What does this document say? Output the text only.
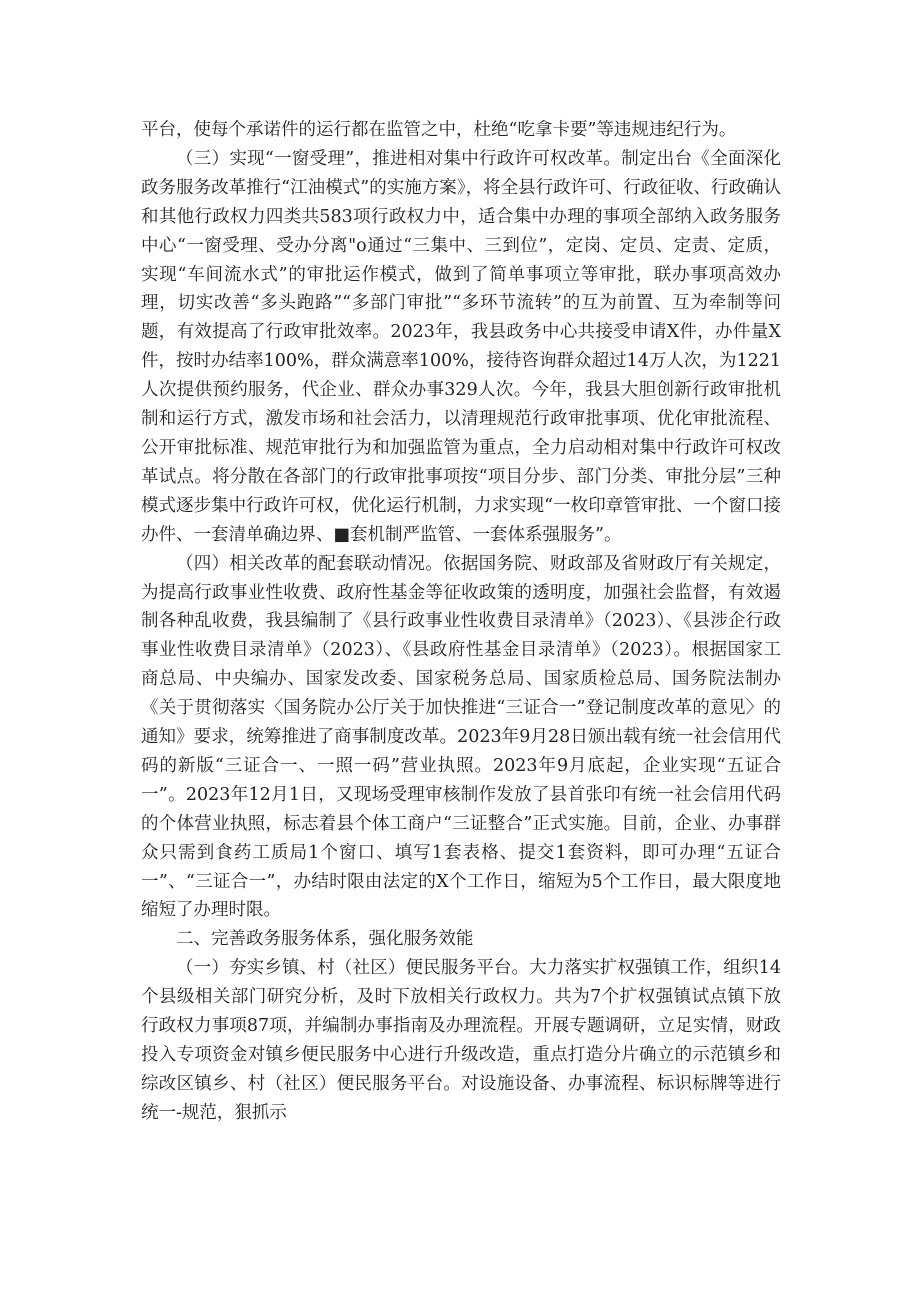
平台，使每个承诺件的运行都在监管之中，杜绝“吃拿卡要”等违规违纪行为。

（三）实现“一窗受理”，推进相对集中行政许可权改革。制定出台《全面深化政务服务改革推行“江油模式”的实施方案》，将全县行政许可、行政征收、行政确认和其他行政权力四类共583项行政权力中，适合集中办理的事项全部纳入政务服务中心“一窗受理、受办分离"o通过“三集中、三到位”，定岗、定员、定责、定质，实现“车间流水式”的审批运作模式，做到了简单事项立等审批，联办事项高效办理，切实改善“多头跑路”“多部门审批”“多环节流转”的互为前置、互为牵制等问题，有效提高了行政审批效率。2023年，我县政务中心共接受申请X件，办件量X件，按时办结率100%，群众满意率100%，接待咨询群众超过14万人次，为1221人次提供预约服务，代企业、群众办事329人次。今年，我县大胆创新行政审批机制和运行方式，激发市场和社会活力，以清理规范行政审批事项、优化审批流程、公开审批标准、规范审批行为和加强监管为重点，全力启动相对集中行政许可权改革试点。将分散在各部门的行政审批事项按“项目分步、部门分类、审批分层”三种模式逐步集中行政许可权，优化运行机制，力求实现“一枚印章管审批、一个窗口接办件、一套清单确边界、■套机制严监管、一套体系强服务”。

（四）相关改革的配套联动情况。依据国务院、财政部及省财政厅有关规定，为提高行政事业性收费、政府性基金等征收政策的透明度，加强社会监督，有效遏制各种乱收费，我县编制了《县行政事业性收费目录清单》（2023）、《县涉企行政事业性收费目录清单》（2023）、《县政府性基金目录清单》（2023）。根据国家工商总局、中央编办、国家发改委、国家税务总局、国家质检总局、国务院法制办《关于贯彻落实〈国务院办公厅关于加快推进“三证合一”登记制度改革的意见〉的通知》要求，统筹推进了商事制度改革。2023年9月28日颁出载有统一社会信用代码的新版“三证合一、一照一码”营业执照。2023年9月底起，企业实现“五证合一”。2023年12月1日，又现场受理审核制作发放了县首张印有统一社会信用代码的个体营业执照，标志着县个体工商户“三证整合”正式实施。目前，企业、办事群众只需到食药工质局1个窗口、填写1套表格、提交1套资料，即可办理“五证合一”、“三证合一”，办结时限由法定的X个工作日，缩短为5个工作日，最大限度地缩短了办理时限。

二、完善政务服务体系，强化服务效能

（一）夯实乡镇、村（社区）便民服务平台。大力落实扩权强镇工作，组织14个县级相关部门研究分析，及时下放相关行政权力。共为7个扩权强镇试点镇下放行政权力事项87项，并编制办事指南及办理流程。开展专题调研，立足实情，财政投入专项资金对镇乡便民服务中心进行升级改造，重点打造分片确立的示范镇乡和综改区镇乡、村（社区）便民服务平台。对设施设备、办事流程、标识标牌等进行统一-规范，狠抓示
